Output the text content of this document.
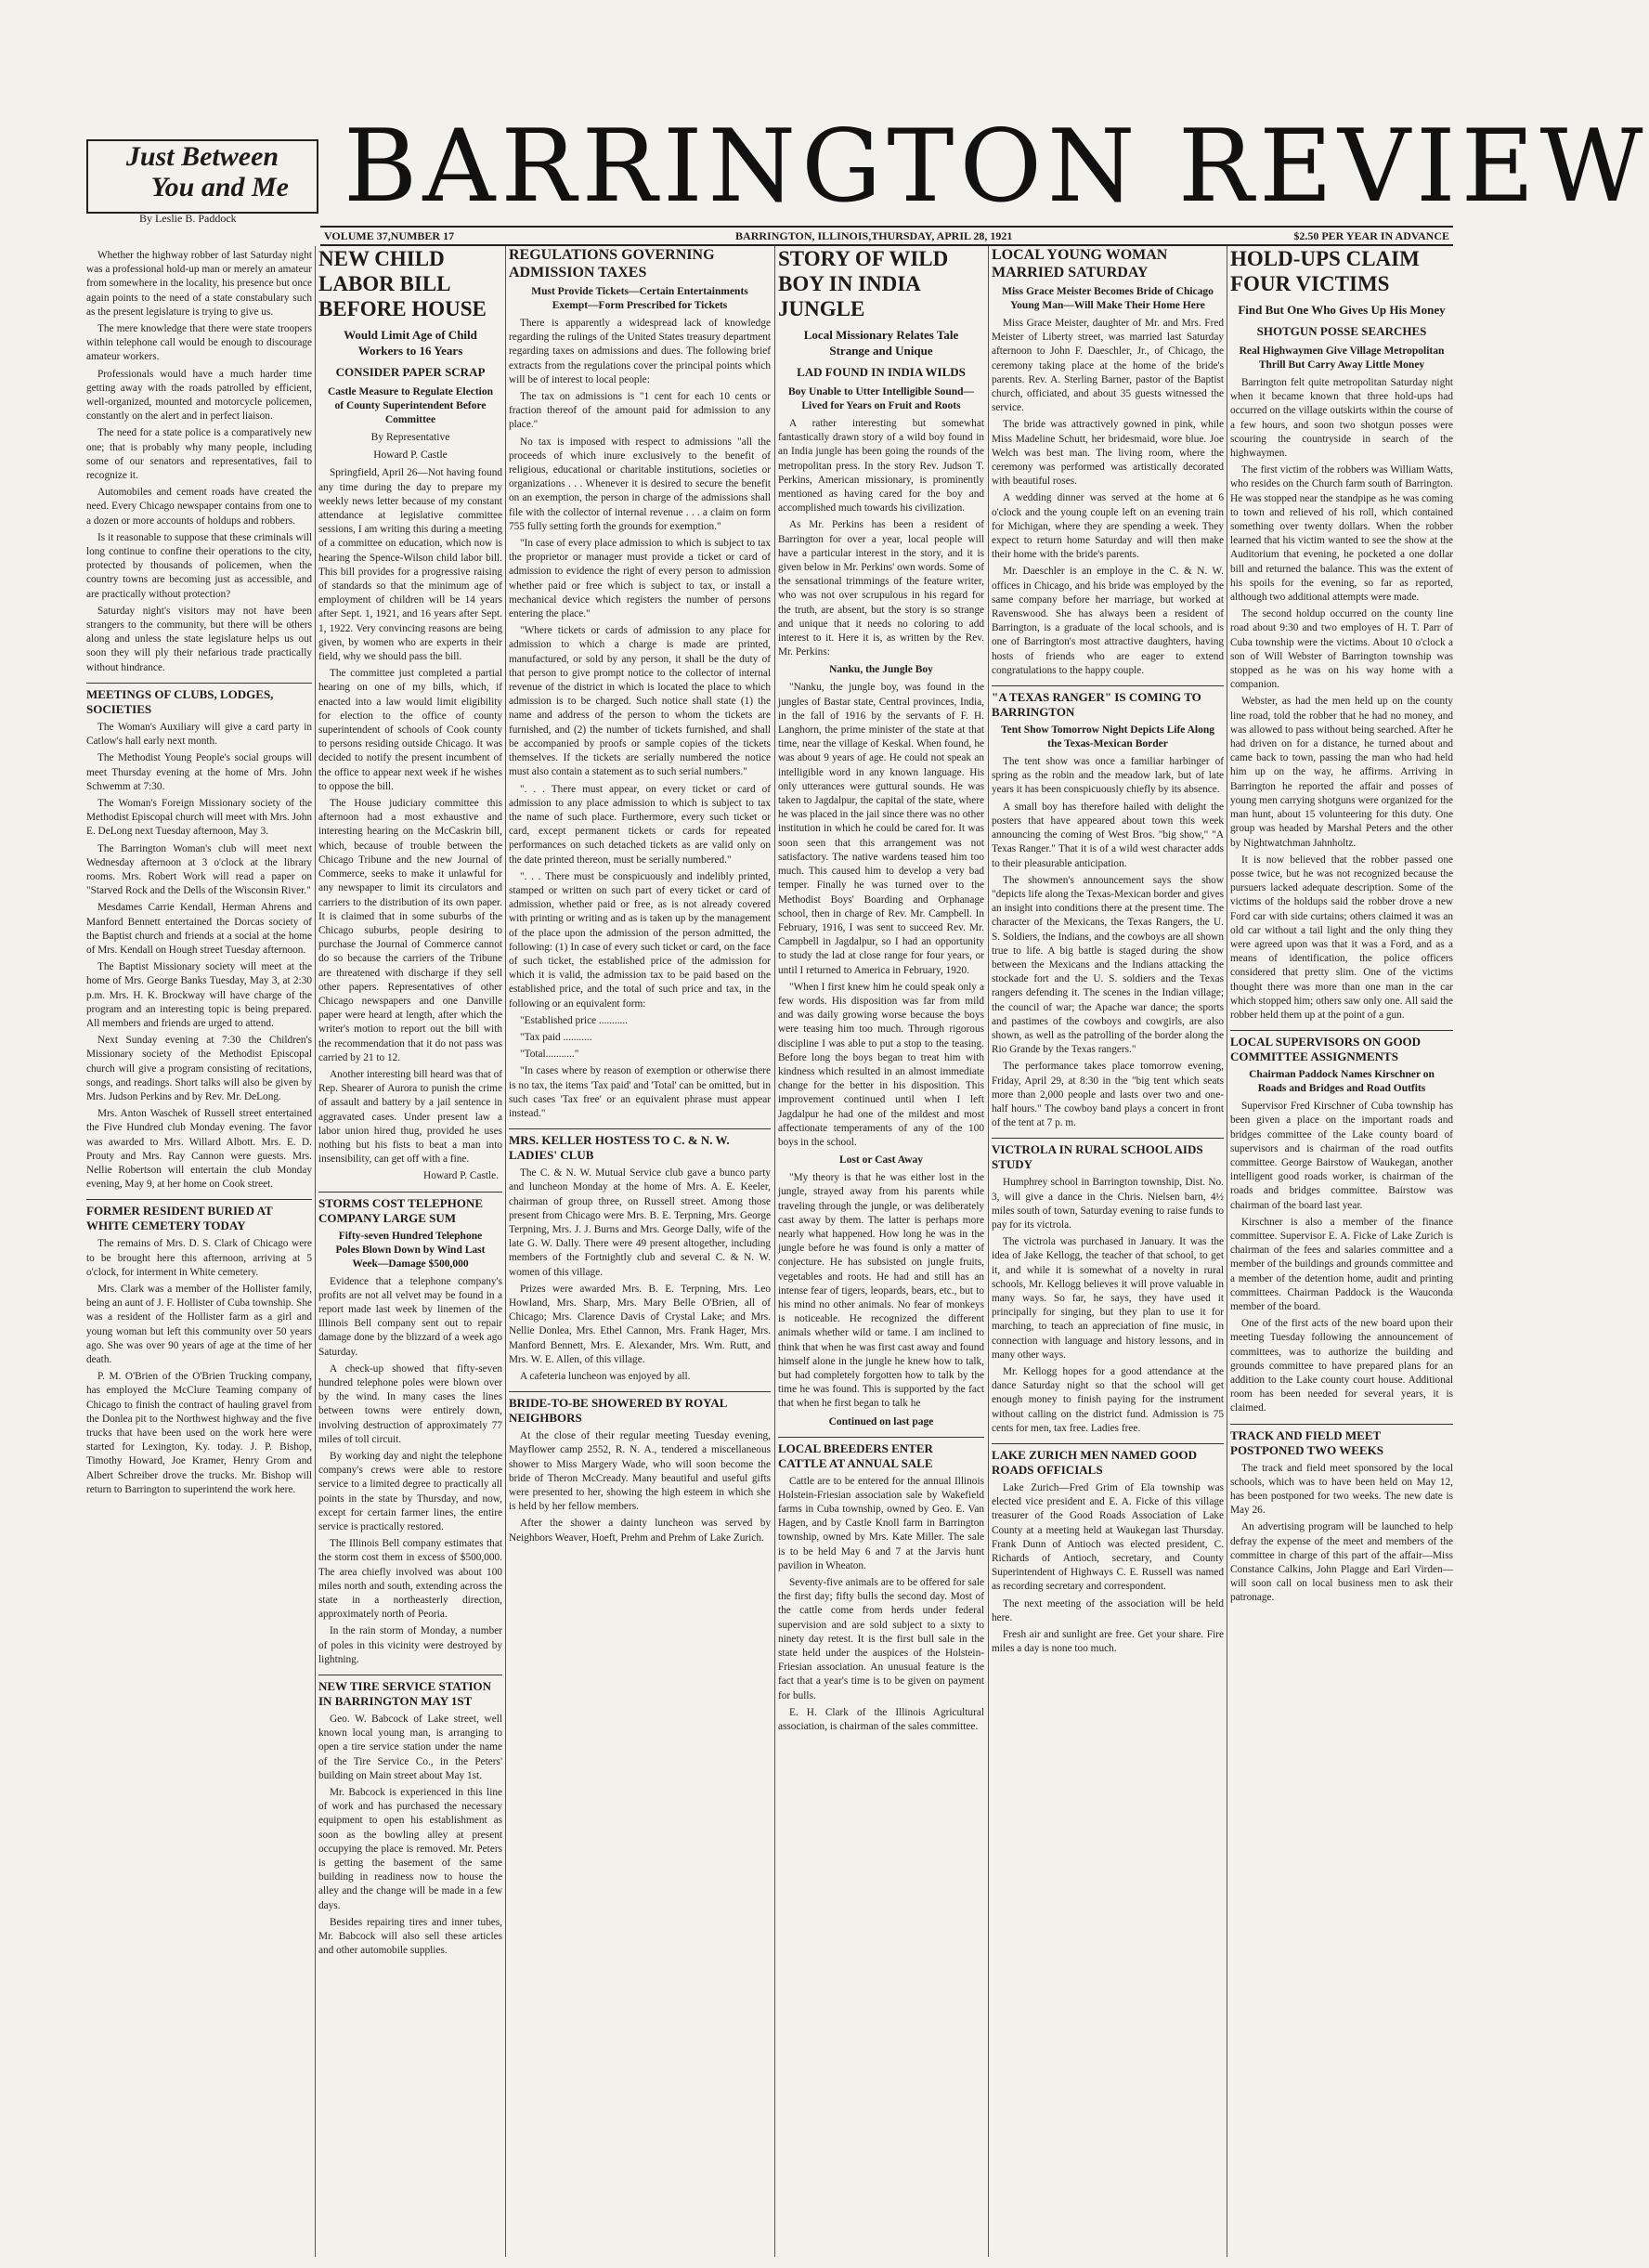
Just Between
You and Me
By Leslie B. Paddock BARRINGTON REVIEW
VOLUME 37,NUMBER 17	BARRINGTON, ILLINOIS,THURSDAY, APRIL 28, 1921	$2.50 PER YEAR IN ADVANCE

Whether the highway robber of last Saturday night was a professional hold-up man or merely an amateur from somewhere in the locality, his presence but once again points to the need of a state constabulary such as the present legislature is trying to give us.

The mere knowledge that there were state troopers within telephone call would be enough to discourage amateur workers.

Professionals would have a much harder time getting away with the roads patrolled by efficient, well-organized, mounted and motorcycle policemen, constantly on the alert and in perfect liaison.

The need for a state police is a comparatively new one; that is probably why many people, including some of our senators and representatives, fail to recognize it.

Automobiles and cement roads have created the need. Every Chicago newspaper contains from one to a dozen or more accounts of holdups and robbers.

Is it reasonable to suppose that these criminals will long continue to confine their operations to the city, protected by thousands of policemen, when the country towns are becoming just as accessible, and are practically without protection?

Saturday night's visitors may not have been strangers to the community, but there will be others along and unless the state legislature helps us out soon they will ply their nefarious trade practically without hindrance.

MEETINGS OF CLUBS, LODGES, SOCIETIES

The Woman's Auxiliary will give a card party in Catlow's hall early next month.

The Methodist Young People's social groups will meet Thursday evening at the home of Mrs. John Schwemm at 7:30.

The Woman's Foreign Missionary society of the Methodist Episcopal church will meet with Mrs. John E. DeLong next Tuesday afternoon, May 3.

The Barrington Woman's club will meet next Wednesday afternoon at 3 o'clock at the library rooms. Mrs. Robert Work will read a paper on "Starved Rock and the Dells of the Wisconsin River."

Mesdames Carrie Kendall, Herman Ahrens and Manford Bennett entertained the Dorcas society of the Baptist church and friends at a social at the home of Mrs. Kendall on Hough street Tuesday afternoon.

The Baptist Missionary society will meet at the home of Mrs. George Banks Tuesday, May 3, at 2:30 p.m. Mrs. H. K. Brockway will have charge of the program and an interesting topic is being prepared. All members and friends are urged to attend.

Next Sunday evening at 7:30 the Children's Missionary society of the Methodist Episcopal church will give a program consisting of recitations, songs, and readings. Short talks will also be given by Mrs. Judson Perkins and by Rev. Mr. DeLong.

Mrs. Anton Waschek of Russell street entertained the Five Hundred club Monday evening. The favor was awarded to Mrs. Willard Albott. Mrs. E. D. Prouty and Mrs. Ray Cannon were guests. Mrs. Nellie Robertson will entertain the club Monday evening, May 9, at her home on Cook street.

FORMER RESIDENT BURIED AT WHITE CEMETERY TODAY

The remains of Mrs. D. S. Clark of Chicago were to be brought here this afternoon, arriving at 5 o'clock, for interment in White cemetery.

Mrs. Clark was a member of the Hollister family, being an aunt of J. F. Hollister of Cuba township. She was a resident of the Hollister farm as a girl and young woman but left this community over 50 years ago. She was over 90 years of age at the time of her death.

P. M. O'Brien of the O'Brien Trucking company, has employed the McClure Teaming company of Chicago to finish the contract of hauling gravel from the Donlea pit to the Northwest highway and the five trucks that have been used on the work here were started for Lexington, Ky. today. J. P. Bishop, Timothy Howard, Joe Kramer, Henry Grom and Albert Schreiber drove the trucks. Mr. Bishop will return to Barrington to superintend the work here.

NEW CHILD LABOR BILL BEFORE HOUSE
Would Limit Age of Child Workers to 16 Years
CONSIDER PAPER SCRAP
Castle Measure to Regulate Election of County Superintendent Before Committee
By Representative
Howard P. Castle

Springfield, April 26—Not having found any time during the day to prepare my weekly news letter because of my constant attendance at legislative committee sessions, I am writing this during a meeting of a committee on education, which now is hearing the Spence-Wilson child labor bill. This bill provides for a progressive raising of standards so that the minimum age of employment of children will be 14 years after Sept. 1, 1921, and 16 years after Sept. 1, 1922. Very convincing reasons are being given, by women who are experts in their field, why we should pass the bill.

The committee just completed a partial hearing on one of my bills, which, if enacted into a law would limit eligibility for election to the office of county superintendent of schools of Cook county to persons residing outside Chicago. It was decided to notify the present incumbent of the office to appear next week if he wishes to oppose the bill.

The House judiciary committee this afternoon had a most exhaustive and interesting hearing on the McCaskrin bill, which, because of trouble between the Chicago Tribune and the new Journal of Commerce, seeks to make it unlawful for any newspaper to limit its circulators and carriers to the distribution of its own paper. It is claimed that in some suburbs of the Chicago suburbs, people desiring to purchase the Journal of Commerce cannot do so because the carriers of the Tribune are threatened with discharge if they sell other papers. Representatives of other Chicago newspapers and one Danville paper were heard at length, after which the writer's motion to report out the bill with the recommendation that it do not pass was carried by 21 to 12.

Another interesting bill heard was that of Rep. Shearer of Aurora to punish the crime of assault and battery by a jail sentence in aggravated cases. Under present law a labor union hired thug, provided he uses nothing but his fists to beat a man into insensibility, can get off with a fine.

Howard P. Castle.
STORMS COST TELEPHONE COMPANY LARGE SUM
Fifty-seven Hundred Telephone Poles Blown Down by Wind Last Week—Damage $500,000

Evidence that a telephone company's profits are not all velvet may be found in a report made last week by linemen of the Illinois Bell company sent out to repair damage done by the blizzard of a week ago Saturday.

A check-up showed that fifty-seven hundred telephone poles were blown over by the wind. In many cases the lines between towns were entirely down, involving destruction of approximately 77 miles of toll circuit.

By working day and night the telephone company's crews were able to restore service to a limited degree to practically all points in the state by Thursday, and now, except for certain farmer lines, the entire service is practically restored.

The Illinois Bell company estimates that the storm cost them in excess of $500,000. The area chiefly involved was about 100 miles north and south, extending across the state in a northeasterly direction, approximately north of Peoria.

In the rain storm of Monday, a number of poles in this vicinity were destroyed by lightning.

NEW TIRE SERVICE STATION IN BARRINGTON MAY 1ST

Geo. W. Babcock of Lake street, well known local young man, is arranging to open a tire service station under the name of the Tire Service Co., in the Peters' building on Main street about May 1st.

Mr. Babcock is experienced in this line of work and has purchased the necessary equipment to open his establishment as soon as the bowling alley at present occupying the place is removed. Mr. Peters is getting the basement of the same building in readiness now to house the alley and the change will be made in a few days.

Besides repairing tires and inner tubes, Mr. Babcock will also sell these articles and other automobile supplies.

REGULATIONS GOVERNING ADMISSION TAXES
Must Provide Tickets—Certain Entertainments Exempt—Form Prescribed for Tickets

There is apparently a widespread lack of knowledge regarding the rulings of the United States treasury department regarding taxes on admissions and dues. The following brief extracts from the regulations cover the principal points which will be of interest to local people:

The tax on admissions is "1 cent for each 10 cents or fraction thereof of the amount paid for admission to any place."

No tax is imposed with respect to admissions "all the proceeds of which inure exclusively to the benefit of religious, educational or charitable institutions, societies or organizations . . . Whenever it is desired to secure the benefit on an exemption, the person in charge of the admissions shall file with the collector of internal revenue . . . a claim on form 755 fully setting forth the grounds for exemption."

"In case of every place admission to which is subject to tax the proprietor or manager must provide a ticket or card of admission to evidence the right of every person to admission whether paid or free which is subject to tax, or install a mechanical device which registers the number of persons entering the place."

"Where tickets or cards of admission to any place for admission to which a charge is made are printed, manufactured, or sold by any person, it shall be the duty of that person to give prompt notice to the collector of internal revenue of the district in which is located the place to which admission is to be charged. Such notice shall state (1) the name and address of the person to whom the tickets are furnished, and (2) the number of tickets furnished, and shall be accompanied by proofs or sample copies of the tickets themselves. If the tickets are serially numbered the notice must also contain a statement as to such serial numbers."

". . . There must appear, on every ticket or card of admission to any place admission to which is subject to tax the name of such place. Furthermore, every such ticket or card, except permanent tickets or cards for repeated performances on such detached tickets as are valid only on the date printed thereon, must be serially numbered."

". . . There must be conspicuously and indelibly printed, stamped or written on such part of every ticket or card of admission, whether paid or free, as is not already covered with printing or writing and as is taken up by the management of the place upon the admission of the person admitted, the following: (1) In case of every such ticket or card, on the face of such ticket, the established price of the admission for which it is valid, the admission tax to be paid based on the established price, and the total of such price and tax, in the following or an equivalent form:

"Established price ...........

"Tax paid ...........

"Total..........."

"In cases where by reason of exemption or otherwise there is no tax, the items 'Tax paid' and 'Total' can be omitted, but in such cases 'Tax free' or an equivalent phrase must appear instead."

MRS. KELLER HOSTESS TO C. & N. W. LADIES' CLUB

The C. & N. W. Mutual Service club gave a bunco party and luncheon Monday at the home of Mrs. A. E. Keeler, chairman of group three, on Russell street. Among those present from Chicago were Mrs. B. E. Terpning, Mrs. George Terpning, Mrs. J. J. Burns and Mrs. George Dally, wife of the late G. W. Dally. There were 49 present altogether, including members of the Fortnightly club and several C. & N. W. women of this village.

Prizes were awarded Mrs. B. E. Terpning, Mrs. Leo Howland, Mrs. Sharp, Mrs. Mary Belle O'Brien, all of Chicago; Mrs. Clarence Davis of Crystal Lake; and Mrs. Nellie Donlea, Mrs. Ethel Cannon, Mrs. Frank Hager, Mrs. Manford Bennett, Mrs. E. Alexander, Mrs. Wm. Rutt, and Mrs. W. E. Allen, of this village.

A cafeteria luncheon was enjoyed by all.

BRIDE-TO-BE SHOWERED BY ROYAL NEIGHBORS

At the close of their regular meeting Tuesday evening, Mayflower camp 2552, R. N. A., tendered a miscellaneous shower to Miss Margery Wade, who will soon become the bride of Theron McCready. Many beautiful and useful gifts were presented to her, showing the high esteem in which she is held by her fellow members.

After the shower a dainty luncheon was served by Neighbors Weaver, Hoeft, Prehm and Prehm of Lake Zurich.

STORY OF WILD BOY IN INDIA JUNGLE
Local Missionary Relates Tale Strange and Unique
LAD FOUND IN INDIA WILDS
Boy Unable to Utter Intelligible Sound—Lived for Years on Fruit and Roots

A rather interesting but somewhat fantastically drawn story of a wild boy found in an India jungle has been going the rounds of the metropolitan press. In the story Rev. Judson T. Perkins, American missionary, is prominently mentioned as having cared for the boy and accomplished much towards his civilization.

As Mr. Perkins has been a resident of Barrington for over a year, local people will have a particular interest in the story, and it is given below in Mr. Perkins' own words. Some of the sensational trimmings of the feature writer, who was not over scrupulous in his regard for the truth, are absent, but the story is so strange and unique that it needs no coloring to add interest to it. Here it is, as written by the Rev. Mr. Perkins:

Nanku, the Jungle Boy

"Nanku, the jungle boy, was found in the jungles of Bastar state, Central provinces, India, in the fall of 1916 by the servants of F. H. Langhorn, the prime minister of the state at that time, near the village of Keskal. When found, he was about 9 years of age. He could not speak an intelligible word in any known language. His only utterances were guttural sounds. He was taken to Jagdalpur, the capital of the state, where he was placed in the jail since there was no other institution in which he could be cared for. It was soon seen that this arrangement was not satisfactory. The native wardens teased him too much. This caused him to develop a very bad temper. Finally he was turned over to the Methodist Boys' Boarding and Orphanage school, then in charge of Rev. Mr. Campbell. In February, 1916, I was sent to succeed Rev. Mr. Campbell in Jagdalpur, so I had an opportunity to study the lad at close range for four years, or until I returned to America in February, 1920.

"When I first knew him he could speak only a few words. His disposition was far from mild and was daily growing worse because the boys were teasing him too much. Through rigorous discipline I was able to put a stop to the teasing. Before long the boys began to treat him with kindness which resulted in an almost immediate change for the better in his disposition. This improvement continued until when I left Jagdalpur he had one of the mildest and most affectionate temperaments of any of the 100 boys in the school.

Lost or Cast Away

"My theory is that he was either lost in the jungle, strayed away from his parents while traveling through the jungle, or was deliberately cast away by them. The latter is perhaps more nearly what happened. How long he was in the jungle before he was found is only a matter of conjecture. He has subsisted on jungle fruits, vegetables and roots. He had and still has an intense fear of tigers, leopards, bears, etc., but to his mind no other animals. No fear of monkeys is noticeable. He recognized the different animals whether wild or tame. I am inclined to think that when he was first cast away and found himself alone in the jungle he knew how to talk, but had completely forgotten how to talk by the time he was found. This is supported by the fact that when he first began to talk he

Continued on last page
LOCAL BREEDERS ENTER CATTLE AT ANNUAL SALE

Cattle are to be entered for the annual Illinois Holstein-Friesian association sale by Wakefield farms in Cuba township, owned by Geo. E. Van Hagen, and by Castle Knoll farm in Barrington township, owned by Mrs. Kate Miller. The sale is to be held May 6 and 7 at the Jarvis hunt pavilion in Wheaton.

Seventy-five animals are to be offered for sale the first day; fifty bulls the second day. Most of the cattle come from herds under federal supervision and are sold subject to a sixty to ninety day retest. It is the first bull sale in the state held under the auspices of the Holstein-Friesian association. An unusual feature is the fact that a year's time is to be given on payment for bulls.

E. H. Clark of the Illinois Agricultural association, is chairman of the sales committee.

LOCAL YOUNG WOMAN MARRIED SATURDAY
Miss Grace Meister Becomes Bride of Chicago Young Man—Will Make Their Home Here

Miss Grace Meister, daughter of Mr. and Mrs. Fred Meister of Liberty street, was married last Saturday afternoon to John F. Daeschler, Jr., of Chicago, the ceremony taking place at the home of the bride's parents. Rev. A. Sterling Barner, pastor of the Baptist church, officiated, and about 35 guests witnessed the service.

The bride was attractively gowned in pink, while Miss Madeline Schutt, her bridesmaid, wore blue. Joe Welch was best man. The living room, where the ceremony was performed was artistically decorated with beautiful roses.

A wedding dinner was served at the home at 6 o'clock and the young couple left on an evening train for Michigan, where they are spending a week. They expect to return home Saturday and will then make their home with the bride's parents.

Mr. Daeschler is an employe in the C. & N. W. offices in Chicago, and his bride was employed by the same company before her marriage, but worked at Ravenswood. She has always been a resident of Barrington, is a graduate of the local schools, and is one of Barrington's most attractive daughters, having hosts of friends who are eager to extend congratulations to the happy couple.

"A TEXAS RANGER" IS COMING TO BARRINGTON
Tent Show Tomorrow Night Depicts Life Along the Texas-Mexican Border

The tent show was once a familiar harbinger of spring as the robin and the meadow lark, but of late years it has been conspicuously chiefly by its absence.

A small boy has therefore hailed with delight the posters that have appeared about town this week announcing the coming of West Bros. "big show," "A Texas Ranger." That it is of a wild west character adds to their pleasurable anticipation.

The showmen's announcement says the show "depicts life along the Texas-Mexican border and gives an insight into conditions there at the present time. The character of the Mexicans, the Texas Rangers, the U. S. Soldiers, the Indians, and the cowboys are all shown true to life. A big battle is staged during the show between the Mexicans and the Indians attacking the stockade fort and the U. S. soldiers and the Texas rangers defending it. The scenes in the Indian village; the council of war; the Apache war dance; the sports and pastimes of the cowboys and cowgirls, are also shown, as well as the patrolling of the border along the Rio Grande by the Texas rangers."

The performance takes place tomorrow evening, Friday, April 29, at 8:30 in the "big tent which seats more than 2,000 people and lasts over two and one-half hours." The cowboy band plays a concert in front of the tent at 7 p. m.

VICTROLA IN RURAL SCHOOL AIDS STUDY

Humphrey school in Barrington township, Dist. No. 3, will give a dance in the Chris. Nielsen barn, 4½ miles south of town, Saturday evening to raise funds to pay for its victrola.

The victrola was purchased in January. It was the idea of Jake Kellogg, the teacher of that school, to get it, and while it is somewhat of a novelty in rural schools, Mr. Kellogg believes it will prove valuable in many ways. So far, he says, they have used it principally for singing, but they plan to use it for marching, to teach an appreciation of fine music, in connection with language and history lessons, and in many other ways.

Mr. Kellogg hopes for a good attendance at the dance Saturday night so that the school will get enough money to finish paying for the instrument without calling on the district fund. Admission is 75 cents for men, tax free. Ladies free.

LAKE ZURICH MEN NAMED GOOD ROADS OFFICIALS

Lake Zurich—Fred Grim of Ela township was elected vice president and E. A. Ficke of this village treasurer of the Good Roads Association of Lake County at a meeting held at Waukegan last Thursday. Frank Dunn of Antioch was elected president, C. Richards of Antioch, secretary, and County Superintendent of Highways C. E. Russell was named as recording secretary and correspondent.

The next meeting of the association will be held here.

Fresh air and sunlight are free. Get your share. Fire miles a day is none too much.

HOLD-UPS CLAIM FOUR VICTIMS
Find But One Who Gives Up His Money
SHOTGUN POSSE SEARCHES
Real Highwaymen Give Village Metropolitan Thrill But Carry Away Little Money

Barrington felt quite metropolitan Saturday night when it became known that three hold-ups had occurred on the village outskirts within the course of a few hours, and soon two shotgun posses were scouring the countryside in search of the highwaymen.

The first victim of the robbers was William Watts, who resides on the Church farm south of Barrington. He was stopped near the standpipe as he was coming to town and relieved of his roll, which contained something over twenty dollars. When the robber learned that his victim wanted to see the show at the Auditorium that evening, he pocketed a one dollar bill and returned the balance. This was the extent of his spoils for the evening, so far as reported, although two additional attempts were made.

The second holdup occurred on the county line road about 9:30 and two employes of H. T. Parr of Cuba township were the victims. About 10 o'clock a son of Will Webster of Barrington township was stopped as he was on his way home with a companion.

Webster, as had the men held up on the county line road, told the robber that he had no money, and was allowed to pass without being searched. After he had driven on for a distance, he turned about and came back to town, passing the man who had held him up on the way, he affirms. Arriving in Barrington he reported the affair and posses of young men carrying shotguns were organized for the man hunt, about 15 volunteering for this duty. One group was headed by Marshal Peters and the other by Nightwatchman Jahnholtz.

It is now believed that the robber passed one posse twice, but he was not recognized because the pursuers lacked adequate description. Some of the victims of the holdups said the robber drove a new Ford car with side curtains; others claimed it was an old car without a tail light and the only thing they were agreed upon was that it was a Ford, and as a means of identification, the police officers considered that pretty slim. One of the victims thought there was more than one man in the car which stopped him; others saw only one. All said the robber held them up at the point of a gun.

LOCAL SUPERVISORS ON GOOD COMMITTEE ASSIGNMENTS
Chairman Paddock Names Kirschner on Roads and Bridges and Road Outfits

Supervisor Fred Kirschner of Cuba township has been given a place on the important roads and bridges committee of the Lake county board of supervisors and is chairman of the road outfits committee. George Bairstow of Waukegan, another intelligent good roads worker, is chairman of the roads and bridges committee. Bairstow was chairman of the board last year.

Kirschner is also a member of the finance committee. Supervisor E. A. Ficke of Lake Zurich is chairman of the fees and salaries committee and a member of the buildings and grounds committee and a member of the detention home, audit and printing committees. Chairman Paddock is the Wauconda member of the board.

One of the first acts of the new board upon their meeting Tuesday following the announcement of committees, was to authorize the building and grounds committee to have prepared plans for an addition to the Lake county court house. Additional room has been needed for several years, it is claimed.

TRACK AND FIELD MEET POSTPONED TWO WEEKS

The track and field meet sponsored by the local schools, which was to have been held on May 12, has been postponed for two weeks. The new date is May 26.

An advertising program will be launched to help defray the expense of the meet and members of the committee in charge of this part of the affair—Miss Constance Calkins, John Plagge and Earl Virden—will soon call on local business men to ask their patronage.
